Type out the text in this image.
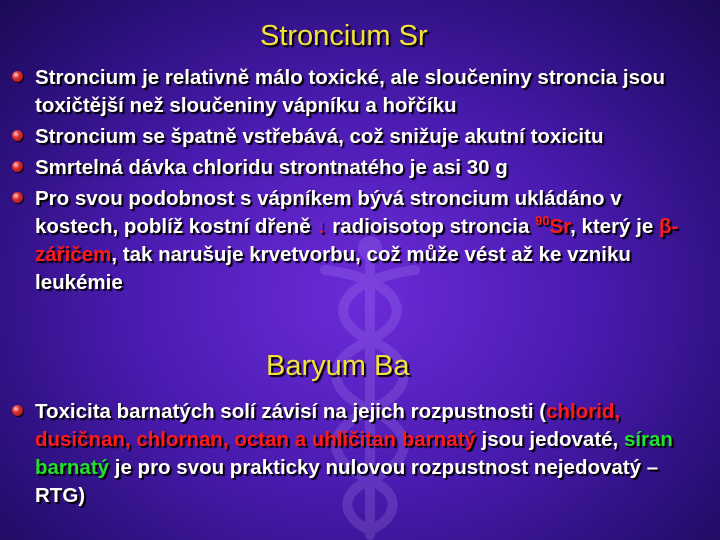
Stroncium Sr
Stroncium je relativně málo toxické, ale sloučeniny stroncia jsou toxičtější než sloučeniny vápníku a hořčíku
Stroncium se špatně vstřebává, což snižuje akutní toxicitu
Smrtelná dávka chloridu strontnatého je asi 30 g
Pro svou podobnost s vápníkem bývá stroncium ukládáno v kostech, poblíž kostní dřeně ↓ radioisotop stroncia $^{90}$Sr, který je β-zářičem, tak narušuje krvetvorbu, což může vést až ke vzniku leukémie
Baryum Ba
Toxicita barnatých solí závisí na jejich rozpustnosti (chlorid, dusičnan, chlornan, octan a uhličitan barnatý jsou jedovaté, síran barnatý je pro svou prakticky nulovou rozpustnost nejedovatý – RTG)
